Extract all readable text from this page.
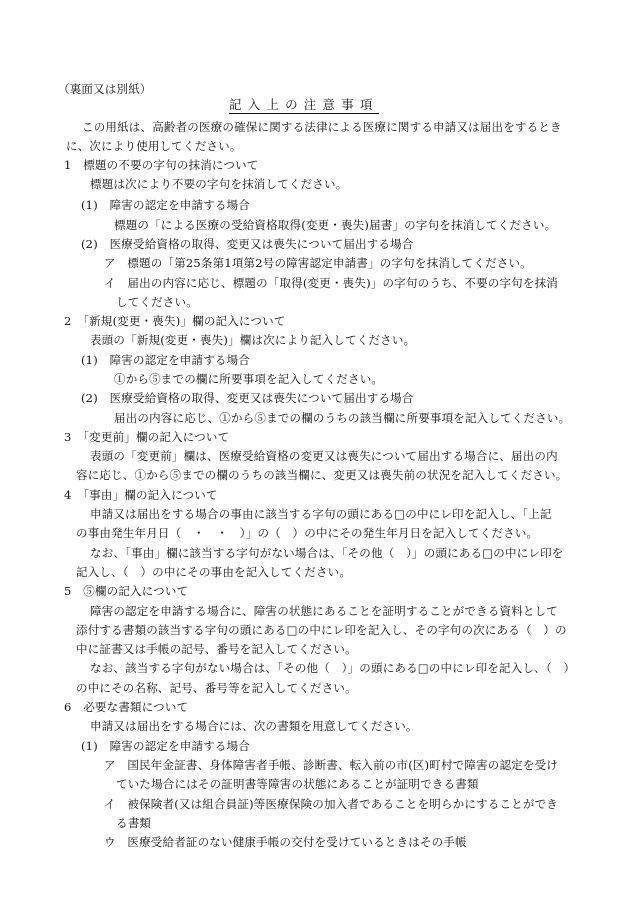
（裏面又は別紙）
記入上の注意事項
この用紙は、高齢者の医療の確保に関する法律による医療に関する申請又は届出をするとき
に、次により使用してください。
1　標題の不要の字句の抹消について
標題は次により不要の字句を抹消してください。
(1)　障害の認定を申請する場合
標題の「による医療の受給資格取得(変更・喪失)届書」の字句を抹消してください。
(2)　医療受給資格の取得、変更又は喪失について届出する場合
ア　標題の「第25条第1項第2号の障害認定申請書」の字句を抹消してください。
イ　届出の内容に応じ、標題の「取得(変更・喪失)」の字句のうち、不要の字句を抹消
してください。
2　「新規(変更・喪失)」欄の記入について
表頭の「新規(変更・喪失)」欄は次により記入してください。
(1)　障害の認定を申請する場合
①から⑤までの欄に所要事項を記入してください。
(2)　医療受給資格の取得、変更又は喪失について届出する場合
届出の内容に応じ、①から⑤までの欄のうちの該当欄に所要事項を記入してください。
3　「変更前」欄の記入について
表頭の「変更前」欄は、医療受給資格の変更又は喪失について届出する場合に、届出の内
容に応じ、①から⑤までの欄のうちの該当欄に、変更又は喪失前の状況を記入してください。
4　「事由」欄の記入について
申請又は届出をする場合の事由に該当する字句の頭にある□の中にレ印を記入し、「上記
の事由発生年月日（　・　・　）」の（　）の中にその発生年月日を記入してください。
なお、「事由」欄に該当する字句がない場合は、「その他（　）」の頭にある□の中にレ印を
記入し、（　）の中にその事由を記入してください。
5　⑤欄の記入について
障害の認定を申請する場合に、障害の状態にあることを証明することができる資料として
添付する書類の該当する字句の頭にある□の中にレ印を記入し、その字句の次にある（　）の
中に証書又は手帳の記号、番号を記入してください。
なお、該当する字句がない場合は、「その他（　）」の頭にある□の中にレ印を記入し、（　）
の中にその名称、記号、番号等を記入してください。
6　必要な書類について
申請又は届出をする場合には、次の書類を用意してください。
(1)　障害の認定を申請する場合
ア　国民年金証書、身体障害者手帳、診断書、転入前の市(区)町村で障害の認定を受け
ていた場合にはその証明書等障害の状態にあることが証明できる書類
イ　被保険者(又は組合員証)等医療保険の加入者であることを明らかにすることができ
る書類
ウ　医療受給者証のない健康手帳の交付を受けているときはその手帳
